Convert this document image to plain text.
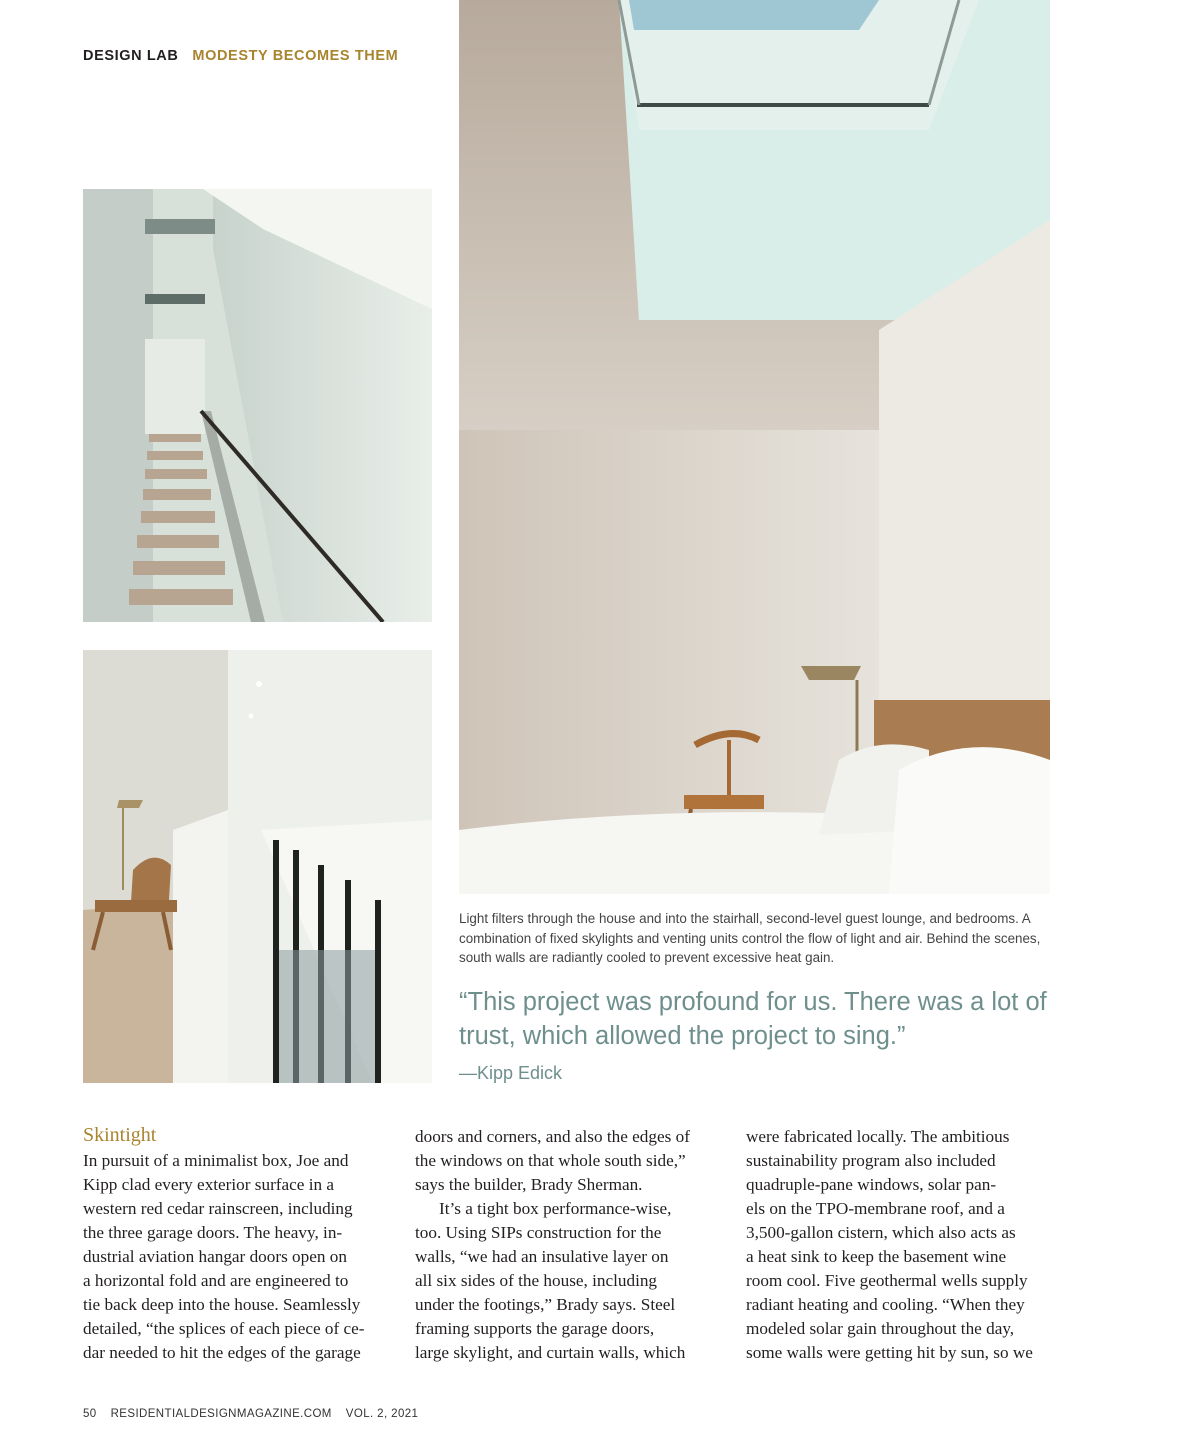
DESIGN LAB MODESTY BECOMES THEM
Light filters through the house and into the stairhall, second-level guest lounge, and bedrooms. A combination of fixed skylights and venting units control the flow of light and air. Behind the scenes, south walls are radiantly cooled to prevent excessive heat gain.
“This project was profound for us. There was a lot of trust, which allowed the project to sing.”
—Kipp Edick
Skintight

In pursuit of a minimalist box, Joe and

Kipp clad every exterior surface in a

western red cedar rainscreen, including

the three garage doors. The heavy, in-

dustrial aviation hangar doors open on

a horizontal fold and are engineered to

tie back deep into the house. Seamlessly

detailed, “the splices of each piece of ce-

dar needed to hit the edges of the garage

doors and corners, and also the edges of

the windows on that whole south side,”

says the builder, Brady Sherman.

It’s a tight box performance-wise,

too. Using SIPs construction for the

walls, “we had an insulative layer on

all six sides of the house, including

under the footings,” Brady says. Steel

framing supports the garage doors,

large skylight, and curtain walls, which

were fabricated locally. The ambitious

sustainability program also included

quadruple-pane windows, solar pan-

els on the TPO-membrane roof, and a

3,500-gallon cistern, which also acts as

a heat sink to keep the basement wine

room cool. Five geothermal wells supply

radiant heating and cooling. “When they

modeled solar gain throughout the day,

some walls were getting hit by sun, so we

50 RESIDENTIALDESIGNMAGAZINE.COM VOL. 2, 2021
